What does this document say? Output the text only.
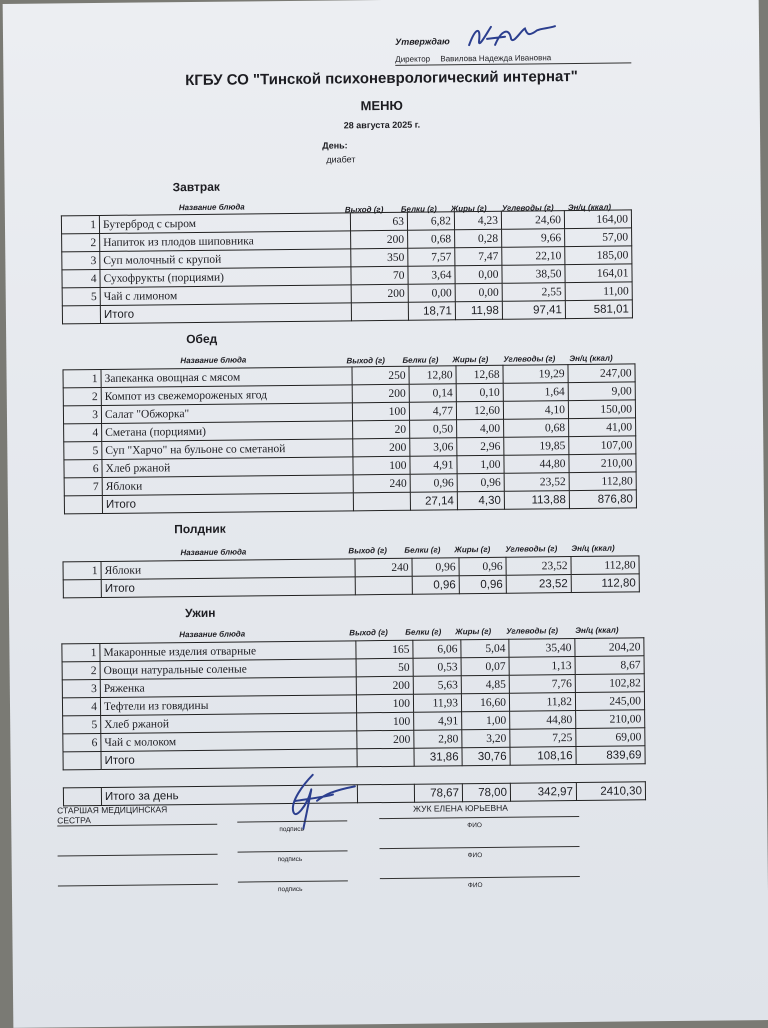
Утверждаю
Директор Вавилова Надежда Ивановна
КГБУ СО "Тинской психоневрологический интернат"
МЕНЮ
28 августа 2025 г.
День:
диабет
Завтрак
Название блюда	Выход (г) Белки (г) Жиры (г) Углеводы (г) Эн/ц (ккал)
1	Бутерброд с сыром	63	6,82	4,23	24,60	164,00
2	Напиток из плодов шиповника	200	0,68	0,28	9,66	57,00
3	Суп молочный с крупой	350	7,57	7,47	22,10	185,00
4	Сухофрукты (порциями)	70	3,64	0,00	38,50	164,01
5	Чай с лимоном	200	0,00	0,00	2,55	11,00
	Итого		18,71	11,98	97,41	581,01
Обед
Название блюда	Выход (г) Белки (г) Жиры (г) Углеводы (г) Эн/ц (ккал)
1	Запеканка овощная с мясом	250	12,80	12,68	19,29	247,00
2	Компот из свежемороженых ягод	200	0,14	0,10	1,64	9,00
3	Салат "Обжорка"	100	4,77	12,60	4,10	150,00
4	Сметана (порциями)	20	0,50	4,00	0,68	41,00
5	Суп "Харчо" на бульоне со сметаной	200	3,06	2,96	19,85	107,00
6	Хлеб ржаной	100	4,91	1,00	44,80	210,00
7	Яблоки	240	0,96	0,96	23,52	112,80
	Итого		27,14	4,30	113,88	876,80
Полдник
Название блюда	Выход (г) Белки (г) Жиры (г) Углеводы (г) Эн/ц (ккал)
1	Яблоки	240	0,96	0,96	23,52	112,80
	Итого		0,96	0,96	23,52	112,80
Ужин
Название блюда	Выход (г) Белки (г) Жиры (г) Углеводы (г) Эн/ц (ккал)
1	Макаронные изделия отварные	165	6,06	5,04	35,40	204,20
2	Овощи натуральные соленые	50	0,53	0,07	1,13	8,67
3	Ряженка	200	5,63	4,85	7,76	102,82
4	Тефтели из говядины	100	11,93	16,60	11,82	245,00
5	Хлеб ржаной	100	4,91	1,00	44,80	210,00
6	Чай с молоком	200	2,80	3,20	7,25	69,00
	Итого		31,86	30,76	108,16	839,69
	Итого за день		78,67	78,00	342,97	2410,30
СТАРШАЯ МЕДИЦИНСКАЯ СЕСТРА
подпись
ЖУК ЕЛЕНА ЮРЬЕВНА
ФИО
подпись
ФИО
подпись
ФИО
